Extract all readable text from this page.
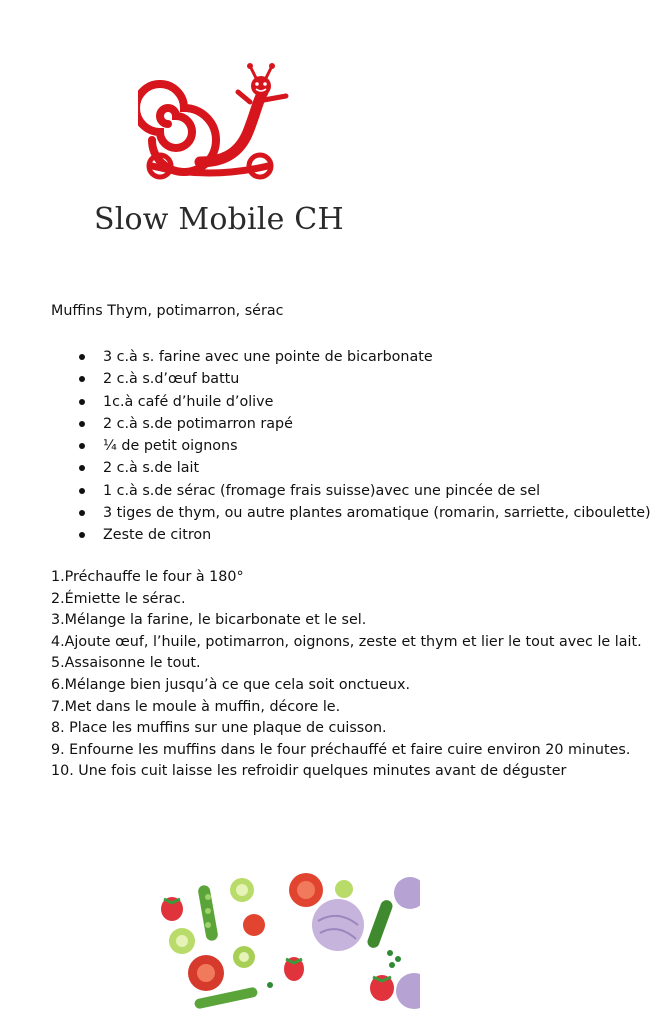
Slow Mobile CH
Muffins Thym, potimarron, sérac
3 c.à s. farine avec une pointe de bicarbonate
2 c.à s.d’œuf battu
1c.à café d’huile d’olive
2 c.à s.de potimarron rapé
¼ de petit oignons
2 c.à s.de lait
1 c.à s.de sérac (fromage frais suisse)avec une pincée de sel
3 tiges de thym, ou autre plantes aromatique (romarin, sarriette, ciboulette)
Zeste de citron
1.Préchauffe le four à 180°
2.Émiette le sérac.
3.Mélange la farine, le bicarbonate et le sel.
4.Ajoute œuf, l’huile, potimarron, oignons, zeste et thym et lier le tout avec le lait.
5.Assaisonne le tout.
6.Mélange bien jusqu’à ce que cela soit onctueux.
7.Met dans le moule à muffin, décore le.
8. Place les muffins sur une plaque de cuisson.
9. Enfourne les muffins dans le four préchauffé et faire cuire environ 20 minutes.
10. Une fois cuit laisse les refroidir quelques minutes avant de déguster
